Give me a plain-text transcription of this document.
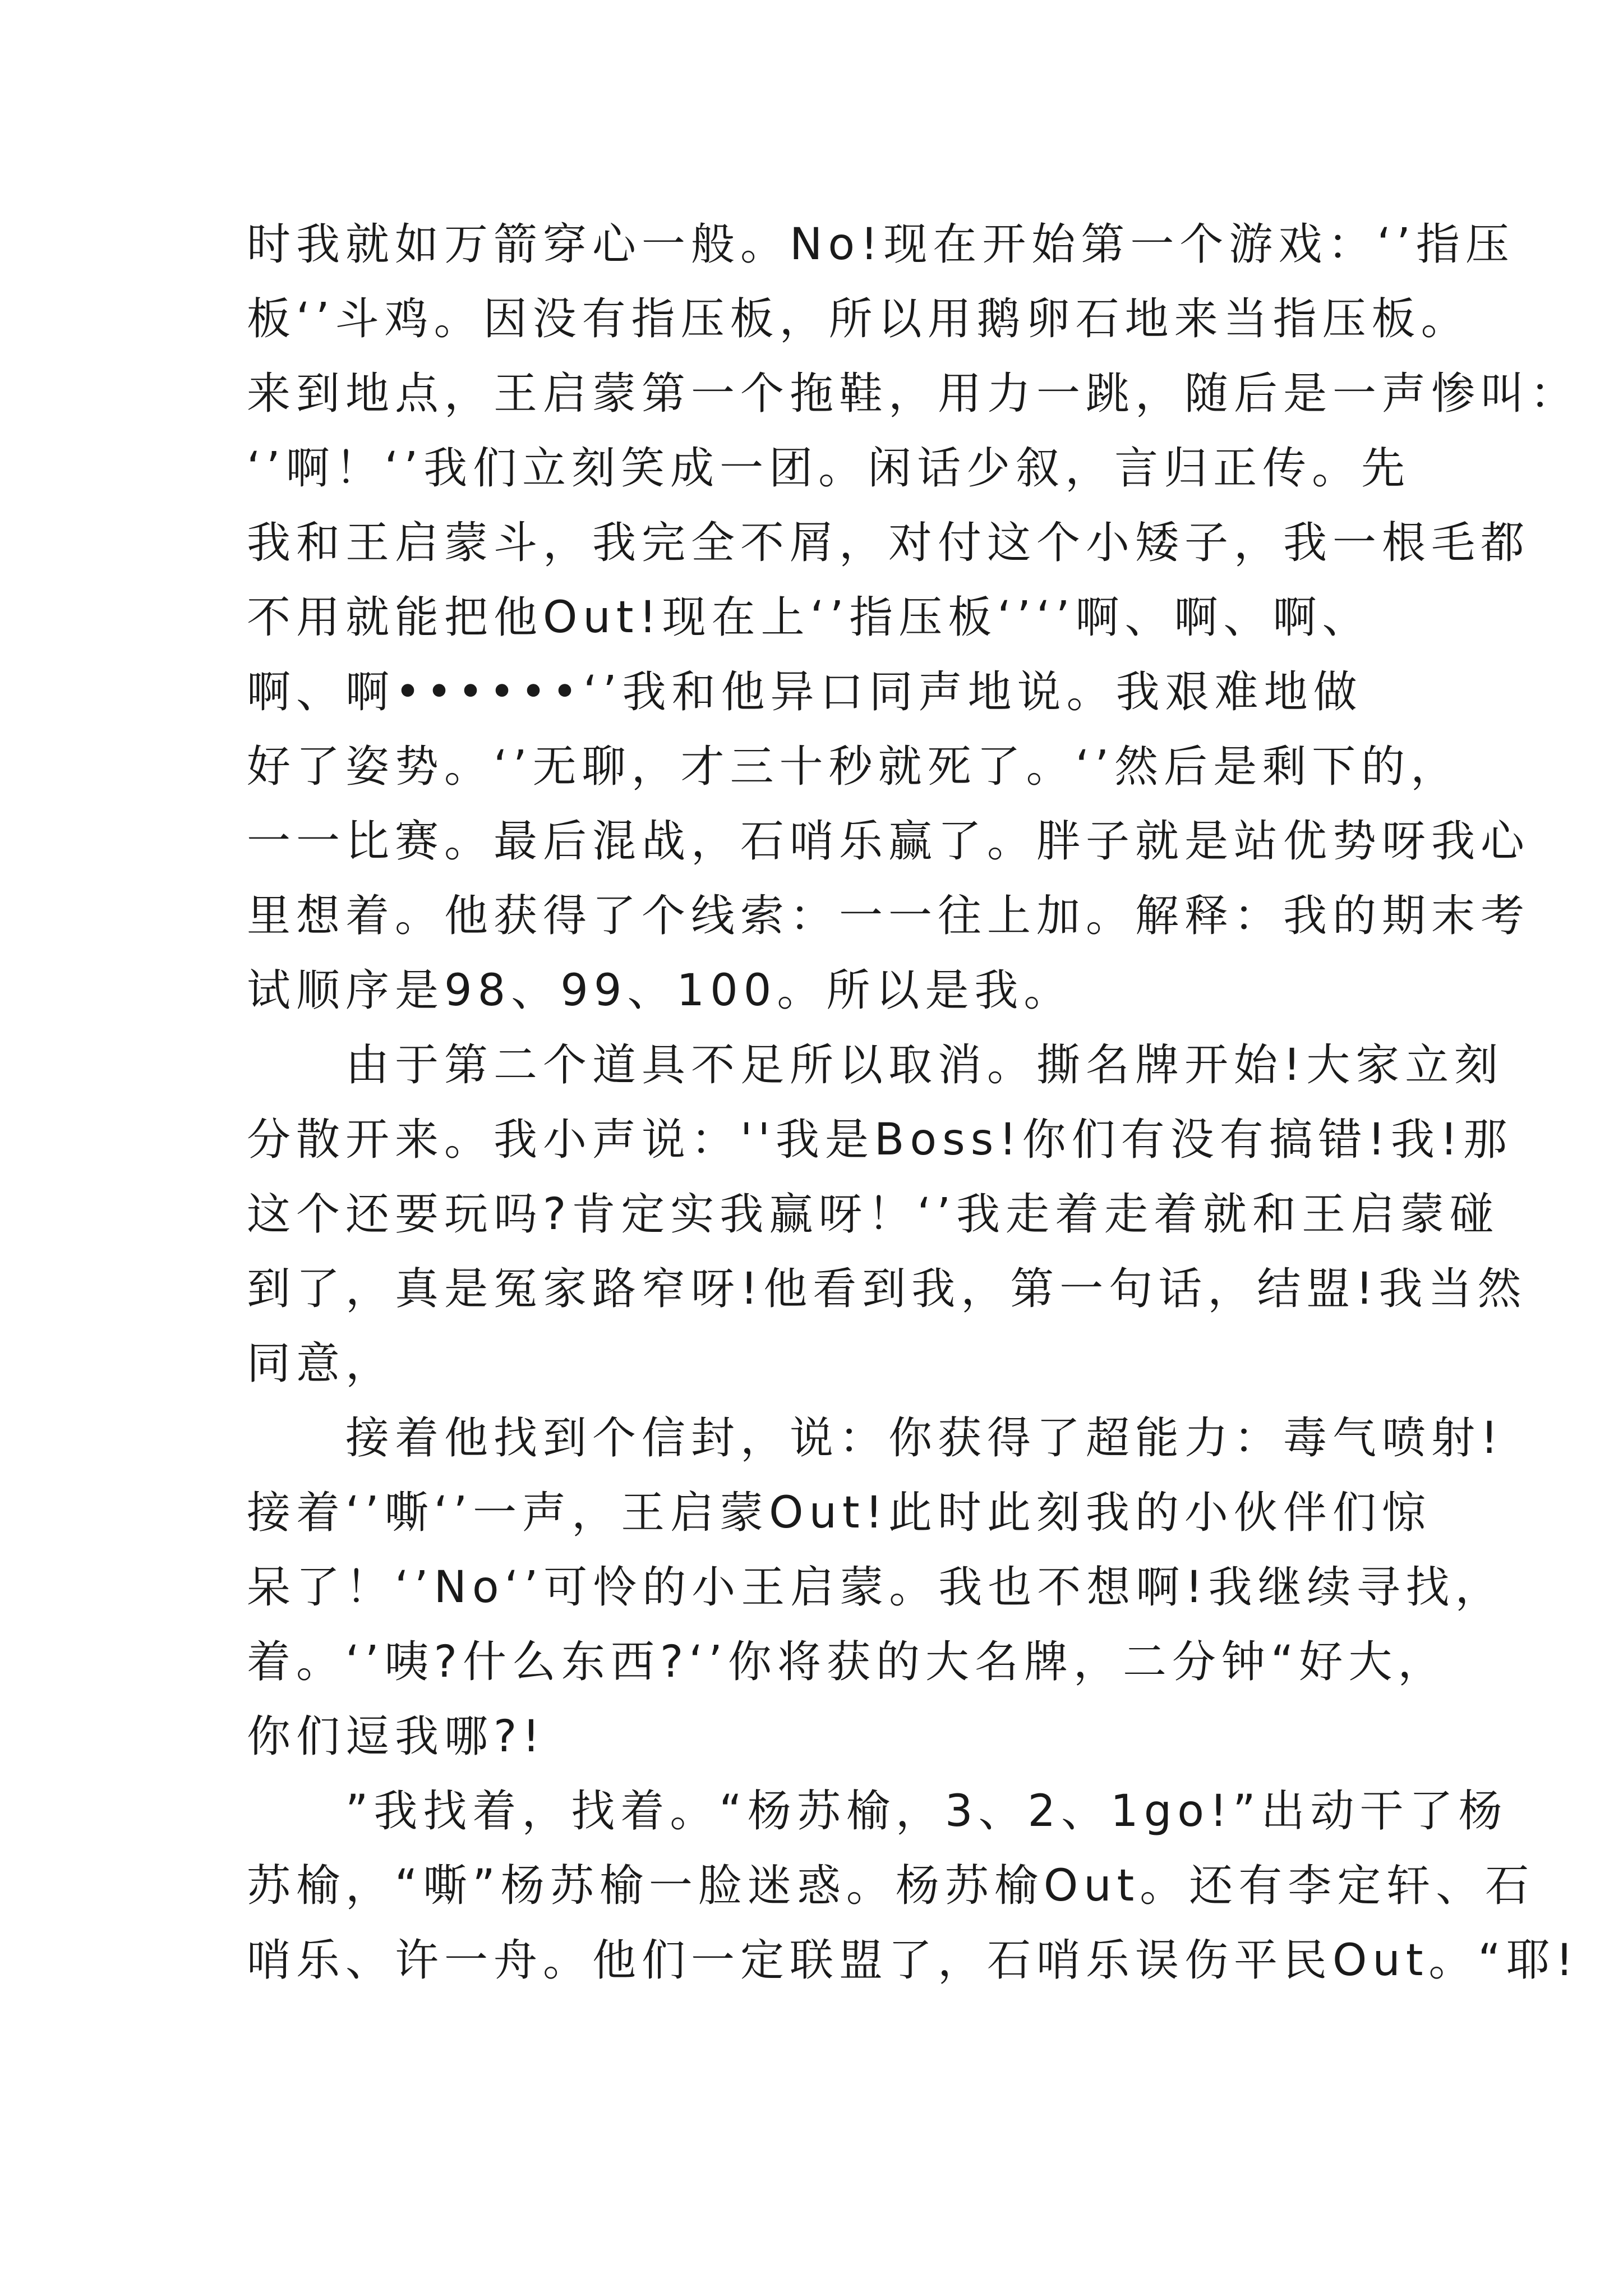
时我就如万箭穿心一般。No!现在开始第一个游戏：‘’指压
板‘’斗鸡。因没有指压板，所以用鹅卵石地来当指压板。
来到地点，王启蒙第一个拖鞋，用力一跳，随后是一声惨叫：
‘’啊！‘’我们立刻笑成一团。闲话少叙，言归正传。先
我和王启蒙斗，我完全不屑，对付这个小矮子，我一根毛都
不用就能把他Out!现在上‘’指压板‘’‘’啊、啊、啊、
啊、啊••••••‘’我和他异口同声地说。我艰难地做
好了姿势。‘’无聊，才三十秒就死了。‘’然后是剩下的，
一一比赛。最后混战，石哨乐赢了。胖子就是站优势呀我心
里想着。他获得了个线索：一一往上加。解释：我的期末考
试顺序是98、99、100。所以是我。
　　由于第二个道具不足所以取消。撕名牌开始!大家立刻
分散开来。我小声说：''我是Boss!你们有没有搞错!我!那
这个还要玩吗?肯定实我赢呀！‘’我走着走着就和王启蒙碰
到了，真是冤家路窄呀!他看到我，第一句话，结盟!我当然
同意，
　　接着他找到个信封，说：你获得了超能力：毒气喷射!
接着‘’嘶‘’一声，王启蒙Out!此时此刻我的小伙伴们惊
呆了！‘’No‘’可怜的小王启蒙。我也不想啊!我继续寻找，
着。‘’咦?什么东西?‘’你将获的大名牌，二分钟“好大，
你们逗我哪?!
　　”我找着，找着。“杨苏榆，3、2、1go!”出动干了杨
苏榆，“嘶”杨苏榆一脸迷惑。杨苏榆Out。还有李定轩、石
哨乐、许一舟。他们一定联盟了，石哨乐误伤平民Out。“耶!
